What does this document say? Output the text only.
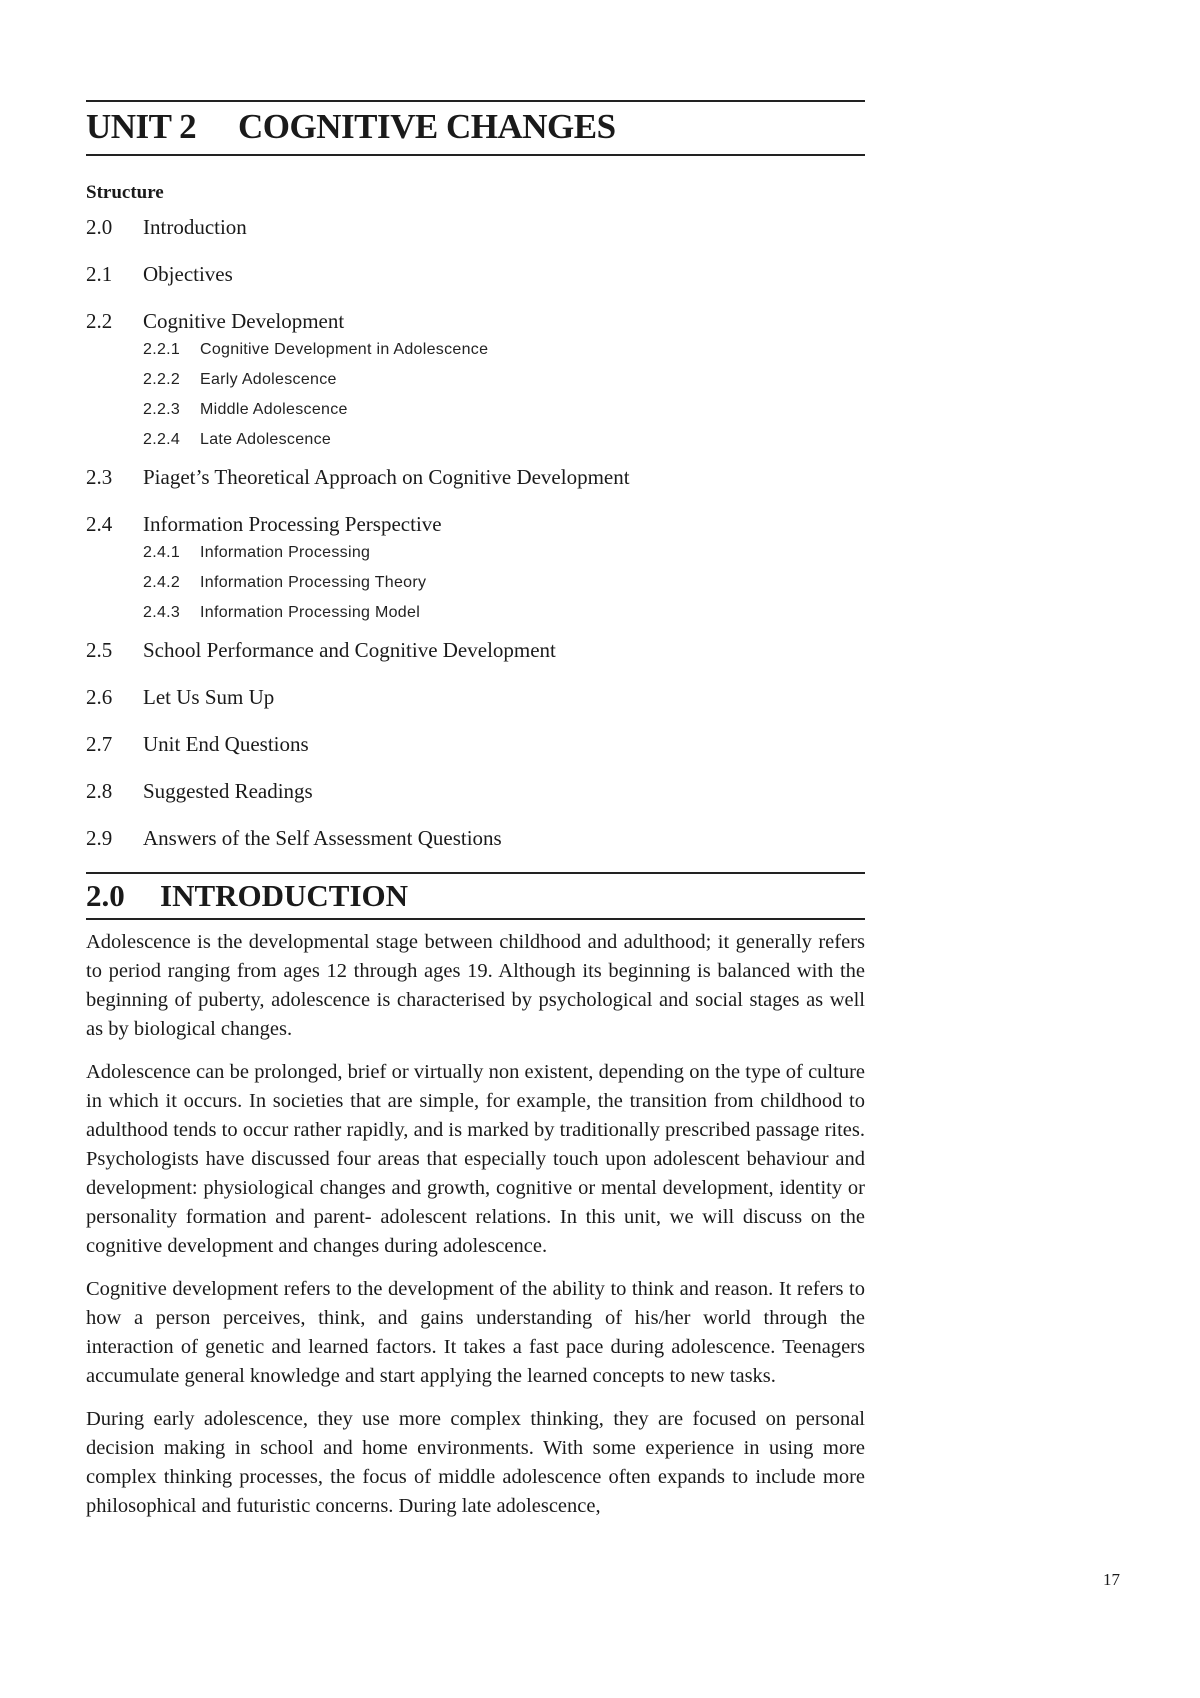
UNIT 2 COGNITIVE CHANGES
Structure
2.0 Introduction
2.1 Objectives
2.2 Cognitive Development
2.2.1 Cognitive Development in Adolescence
2.2.2 Early Adolescence
2.2.3 Middle Adolescence
2.2.4 Late Adolescence
2.3 Piaget’s Theoretical Approach on Cognitive Development
2.4 Information Processing Perspective
2.4.1 Information Processing
2.4.2 Information Processing Theory
2.4.3 Information Processing Model
2.5 School Performance and Cognitive Development
2.6 Let Us Sum Up
2.7 Unit End Questions
2.8 Suggested Readings
2.9 Answers of the Self Assessment Questions
2.0 INTRODUCTION

Adolescence is the developmental stage between childhood and adulthood; it generally refers to period ranging from ages 12 through ages 19. Although its beginning is balanced with the beginning of puberty, adolescence is characterised by psychological and social stages as well as by biological changes.

Adolescence can be prolonged, brief or virtually non existent, depending on the type of culture in which it occurs. In societies that are simple, for example, the transition from childhood to adulthood tends to occur rather rapidly, and is marked by traditionally prescribed passage rites. Psychologists have discussed four areas that especially touch upon adolescent behaviour and development: physiological changes and growth, cognitive or mental development, identity or personality formation and parent- adolescent relations. In this unit, we will discuss on the cognitive development and changes during adolescence.

Cognitive development refers to the development of the ability to think and reason. It refers to how a person perceives, think, and gains understanding of his/her world through the interaction of genetic and learned factors. It takes a fast pace during adolescence. Teenagers accumulate general knowledge and start applying the learned concepts to new tasks.

During early adolescence, they use more complex thinking, they are focused on personal decision making in school and home environments. With some experience in using more complex thinking processes, the focus of middle adolescence often expands to include more philosophical and futuristic concerns. During late adolescence,

17
